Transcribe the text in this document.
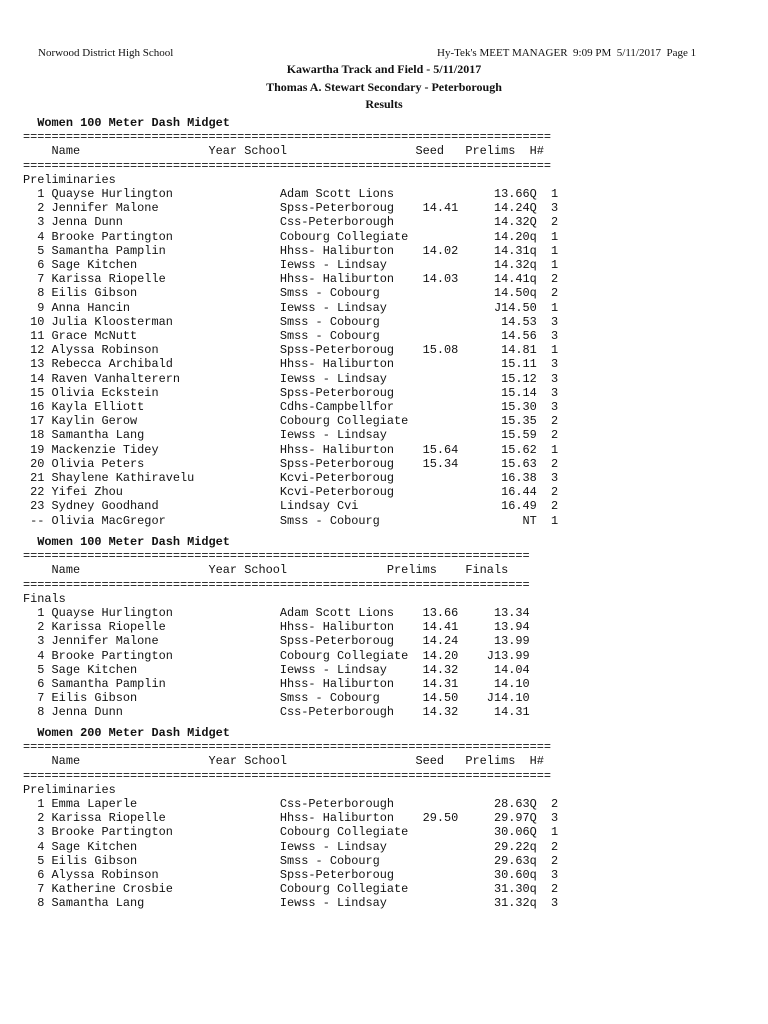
Norwood District High School	Hy-Tek's MEET MANAGER  9:09 PM  5/11/2017  Page 1
Kawartha Track and Field - 5/11/2017
Thomas A. Stewart Secondary - Peterborough
Results
Women 100 Meter Dash Midget
==========================================================================
Name                  Year School                  Seed   Prelims  H#
==========================================================================
Preliminaries
1 Quayse Hurlington               Adam Scott Lions              13.66Q  1
2 Jennifer Malone                 Spss-Peterboroug    14.41     14.24Q  3
3 Jenna Dunn                      Css-Peterborough              14.32Q  2
4 Brooke Partington               Cobourg Collegiate            14.20q  1
5 Samantha Pamplin                Hhss- Haliburton    14.02     14.31q  1
6 Sage Kitchen                    Iewss - Lindsay               14.32q  1
7 Karissa Riopelle                Hhss- Haliburton    14.03     14.41q  2
8 Eilis Gibson                    Smss - Cobourg                14.50q  2
9 Anna Hancin                     Iewss - Lindsay               J14.50  1
10 Julia Kloosterman               Smss - Cobourg                 14.53  3
11 Grace McNutt                    Smss - Cobourg                 14.56  3
12 Alyssa Robinson                 Spss-Peterboroug    15.08      14.81  1
13 Rebecca Archibald               Hhss- Haliburton               15.11  3
14 Raven Vanhalterern              Iewss - Lindsay                15.12  3
15 Olivia Eckstein                 Spss-Peterboroug               15.14  3
16 Kayla Elliott                   Cdhs-Campbellfor               15.30  3
17 Kaylin Gerow                    Cobourg Collegiate             15.35  2
18 Samantha Lang                   Iewss - Lindsay                15.59  2
19 Mackenzie Tidey                 Hhss- Haliburton    15.64      15.62  1
20 Olivia Peters                   Spss-Peterboroug    15.34      15.63  2
21 Shaylene Kathiravelu            Kcvi-Peterboroug               16.38  3
22 Yifei Zhou                      Kcvi-Peterboroug               16.44  2
23 Sydney Goodhand                 Lindsay Cvi                    16.49  2
-- Olivia MacGregor                Smss - Cobourg                    NT  1
Women 100 Meter Dash Midget
=======================================================================
Name                  Year School              Prelims    Finals
=======================================================================
Finals
1 Quayse Hurlington               Adam Scott Lions    13.66     13.34
2 Karissa Riopelle                Hhss- Haliburton    14.41     13.94
3 Jennifer Malone                 Spss-Peterboroug    14.24     13.99
4 Brooke Partington               Cobourg Collegiate  14.20    J13.99
5 Sage Kitchen                    Iewss - Lindsay     14.32     14.04
6 Samantha Pamplin                Hhss- Haliburton    14.31     14.10
7 Eilis Gibson                    Smss - Cobourg      14.50    J14.10
8 Jenna Dunn                      Css-Peterborough    14.32     14.31
Women 200 Meter Dash Midget
==========================================================================
Name                  Year School                  Seed   Prelims  H#
==========================================================================
Preliminaries
1 Emma Laperle                    Css-Peterborough              28.63Q  2
2 Karissa Riopelle                Hhss- Haliburton    29.50     29.97Q  3
3 Brooke Partington               Cobourg Collegiate            30.06Q  1
4 Sage Kitchen                    Iewss - Lindsay               29.22q  2
5 Eilis Gibson                    Smss - Cobourg                29.63q  2
6 Alyssa Robinson                 Spss-Peterboroug              30.60q  3
7 Katherine Crosbie               Cobourg Collegiate            31.30q  2
8 Samantha Lang                   Iewss - Lindsay               31.32q  3
